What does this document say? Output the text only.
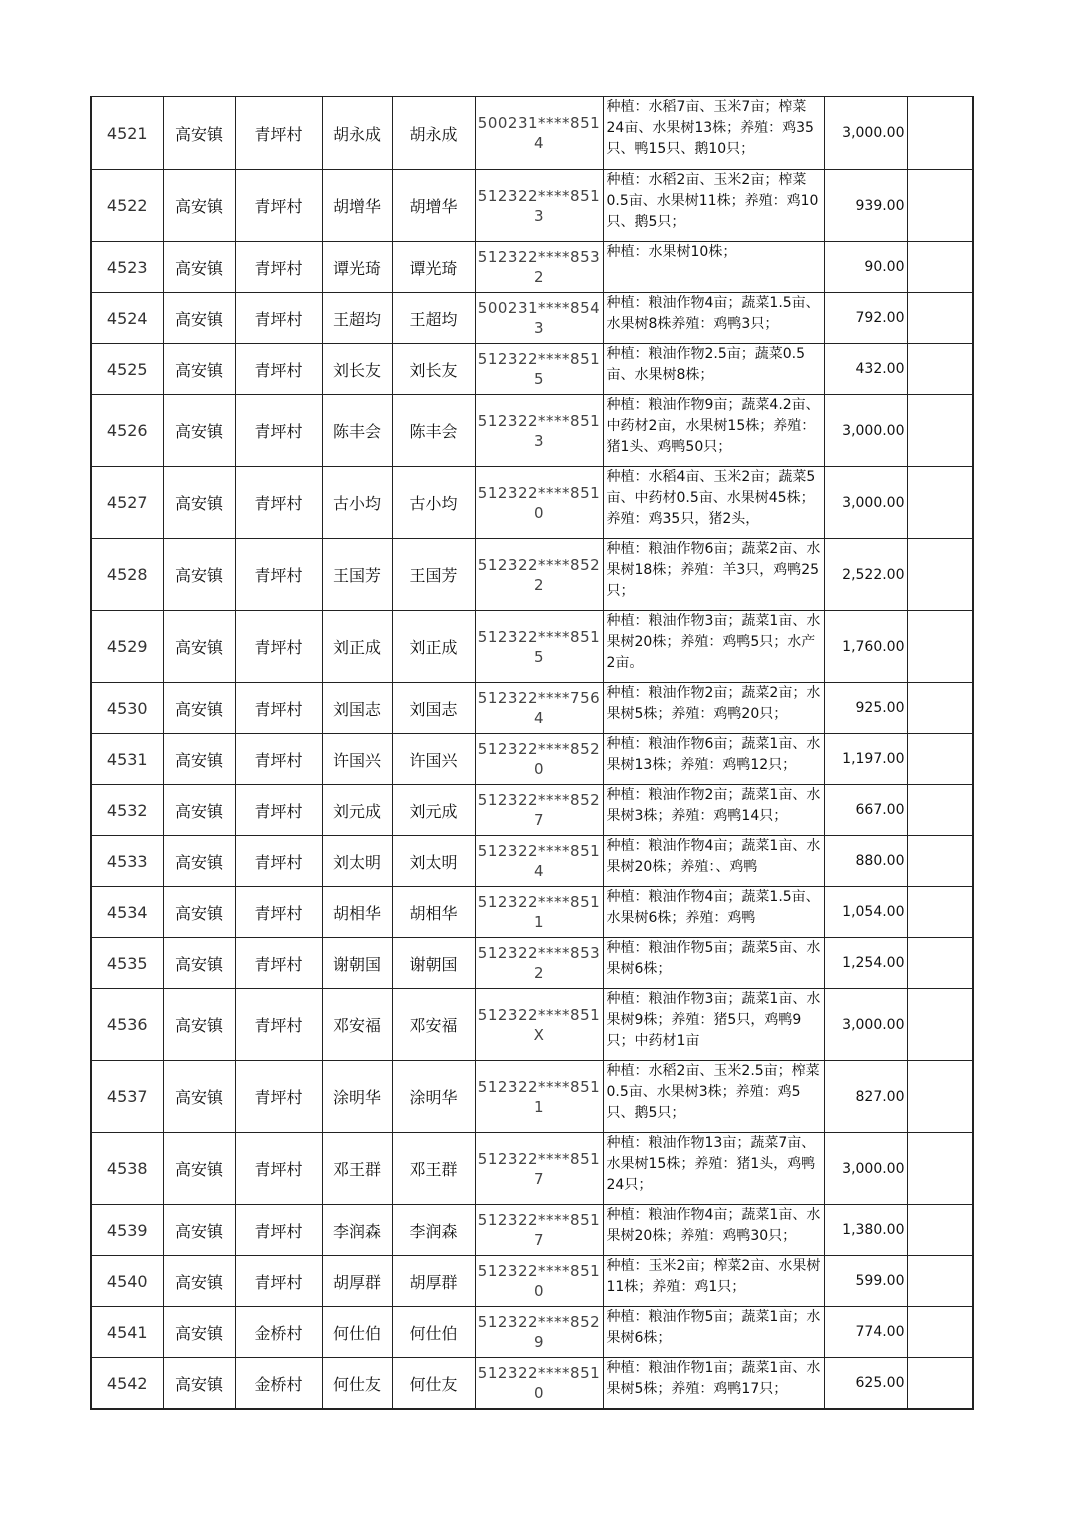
4521	高安镇	青坪村	胡永成	胡永成	500231****8514	种植：水稻7亩、玉米7亩；榨菜24亩、水果树13株；养殖：鸡35只、鸭15只、鹅10只；	3,000.00	
4522	高安镇	青坪村	胡增华	胡增华	512322****8513	种植：水稻2亩、玉米2亩；榨菜0.5亩、水果树11株；养殖：鸡10只、鹅5只；	939.00	
4523	高安镇	青坪村	谭光琦	谭光琦	512322****8532	种植：水果树10株；	90.00	
4524	高安镇	青坪村	王超均	王超均	500231****8543	种植：粮油作物4亩；蔬菜1.5亩、水果树8株养殖：鸡鸭3只；	792.00	
4525	高安镇	青坪村	刘长友	刘长友	512322****8515	种植：粮油作物2.5亩；蔬菜0.5亩、水果树8株；	432.00	
4526	高安镇	青坪村	陈丰会	陈丰会	512322****8513	种植：粮油作物9亩；蔬菜4.2亩、中药材2亩，水果树15株；养殖：猪1头、鸡鸭50只；	3,000.00	
4527	高安镇	青坪村	古小均	古小均	512322****8510	种植：水稻4亩、玉米2亩；蔬菜5亩、中药材0.5亩、水果树45株；养殖：鸡35只，猪2头，	3,000.00	
4528	高安镇	青坪村	王国芳	王国芳	512322****8522	种植：粮油作物6亩；蔬菜2亩、水果树18株；养殖：羊3只，鸡鸭25只；	2,522.00	
4529	高安镇	青坪村	刘正成	刘正成	512322****8515	种植：粮油作物3亩；蔬菜1亩、水果树20株；养殖：鸡鸭5只；水产2亩。	1,760.00	
4530	高安镇	青坪村	刘国志	刘国志	512322****7564	种植：粮油作物2亩；蔬菜2亩；水果树5株；养殖：鸡鸭20只；	925.00	
4531	高安镇	青坪村	许国兴	许国兴	512322****8520	种植：粮油作物6亩；蔬菜1亩、水果树13株；养殖：鸡鸭12只；	1,197.00	
4532	高安镇	青坪村	刘元成	刘元成	512322****8527	种植：粮油作物2亩；蔬菜1亩、水果树3株；养殖：鸡鸭14只；	667.00	
4533	高安镇	青坪村	刘太明	刘太明	512322****8514	种植：粮油作物4亩；蔬菜1亩、水果树20株；养殖：、鸡鸭	880.00	
4534	高安镇	青坪村	胡相华	胡相华	512322****8511	种植：粮油作物4亩；蔬菜1.5亩、水果树6株；养殖：鸡鸭	1,054.00	
4535	高安镇	青坪村	谢朝国	谢朝国	512322****8532	种植：粮油作物5亩；蔬菜5亩、水果树6株；	1,254.00	
4536	高安镇	青坪村	邓安福	邓安福	512322****851X	种植：粮油作物3亩；蔬菜1亩、水果树9株；养殖：猪5只，鸡鸭9只；中药材1亩	3,000.00	
4537	高安镇	青坪村	涂明华	涂明华	512322****8511	种植：水稻2亩、玉米2.5亩；榨菜0.5亩、水果树3株；养殖：鸡5只、鹅5只；	827.00	
4538	高安镇	青坪村	邓王群	邓王群	512322****8517	种植：粮油作物13亩；蔬菜7亩、水果树15株；养殖：猪1头，鸡鸭24只；	3,000.00	
4539	高安镇	青坪村	李润森	李润森	512322****8517	种植：粮油作物4亩；蔬菜1亩、水果树20株；养殖：鸡鸭30只；	1,380.00	
4540	高安镇	青坪村	胡厚群	胡厚群	512322****8510	种植：玉米2亩；榨菜2亩、水果树11株；养殖：鸡1只；	599.00	
4541	高安镇	金桥村	何仕伯	何仕伯	512322****8529	种植：粮油作物5亩；蔬菜1亩；水果树6株；	774.00	
4542	高安镇	金桥村	何仕友	何仕友	512322****8510	种植：粮油作物1亩；蔬菜1亩、水果树5株；养殖：鸡鸭17只；	625.00	
